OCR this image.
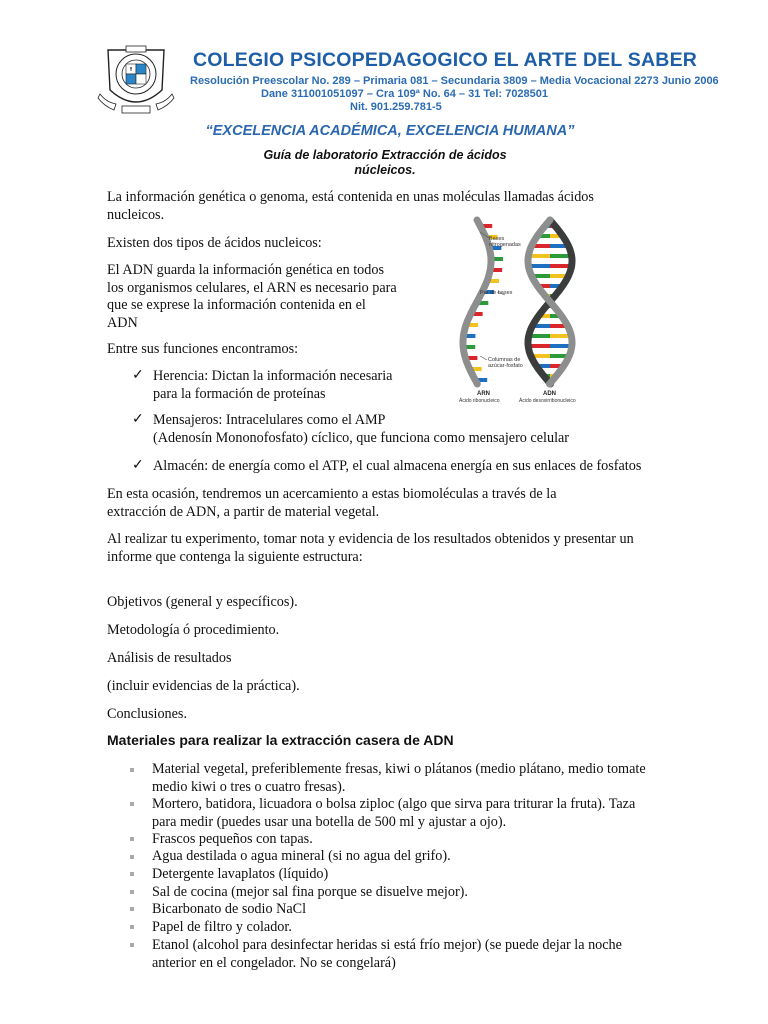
COLEGIO PSICOPEDAGOGICO EL ARTE DEL SABER
Resolución Preescolar No. 289 – Primaria 081 – Secundaria 3809 – Media Vocacional 2273 Junio 2006
Dane 311001051097 – Cra 109ª No. 64 – 31 Tel: 7028501
Nit. 901.259.781-5
“EXCELENCIA ACADÉMICA, EXCELENCIA HUMANA”
Guía de laboratorio Extracción de ácidos
núcleicos.

La información genética o genoma, está contenida en unas moléculas llamadas ácidos
nucleicos.

Existen dos tipos de ácidos nucleicos:

El ADN guarda la información genética en todos
los organismos celulares, el ARN es necesario para
que se exprese la información contenida en el
ADN

Entre sus funciones encontramos:

✓ Herencia: Dictan la información necesaria
para la formación de proteínas

✓ Mensajeros: Intracelulares como el AMP
(Adenosín Mononofosfato) cíclico, que funciona como mensajero celular

✓ Almacén: de energía como el ATP, el cual almacena energía en sus enlaces de fosfatos

Bases
nitrogenadas
Par de bases
Columnas de
azúcar-fosfato
ARN
Ácido ribonucleico
ADN
Ácido desoxirribonucleico

En esta ocasión, tendremos un acercamiento a estas biomoléculas a través de la
extracción de ADN, a partir de material vegetal.

Al realizar tu experimento, tomar nota y evidencia de los resultados obtenidos y presentar un
informe que contenga la siguiente estructura:

Objetivos (general y específicos).

Metodología ó procedimiento.

Análisis de resultados

(incluir evidencias de la práctica).

Conclusiones.

Materiales para realizar la extracción casera de ADN

Material vegetal, preferiblemente fresas, kiwi o plátanos (medio plátano, medio tomate
medio kiwi o tres o cuatro fresas).

Mortero, batidora, licuadora o bolsa ziploc (algo que sirva para triturar la fruta). Taza
para medir (puedes usar una botella de 500 ml y ajustar a ojo).

Frascos pequeños con tapas.

Agua destilada o agua mineral (si no agua del grifo).

Detergente lavaplatos (líquido)

Sal de cocina (mejor sal fina porque se disuelve mejor).

Bicarbonato de sodio NaCl

Papel de filtro y colador.

Etanol (alcohol para desinfectar heridas si está frío mejor) (se puede dejar la noche
anterior en el congelador. No se congelará)
